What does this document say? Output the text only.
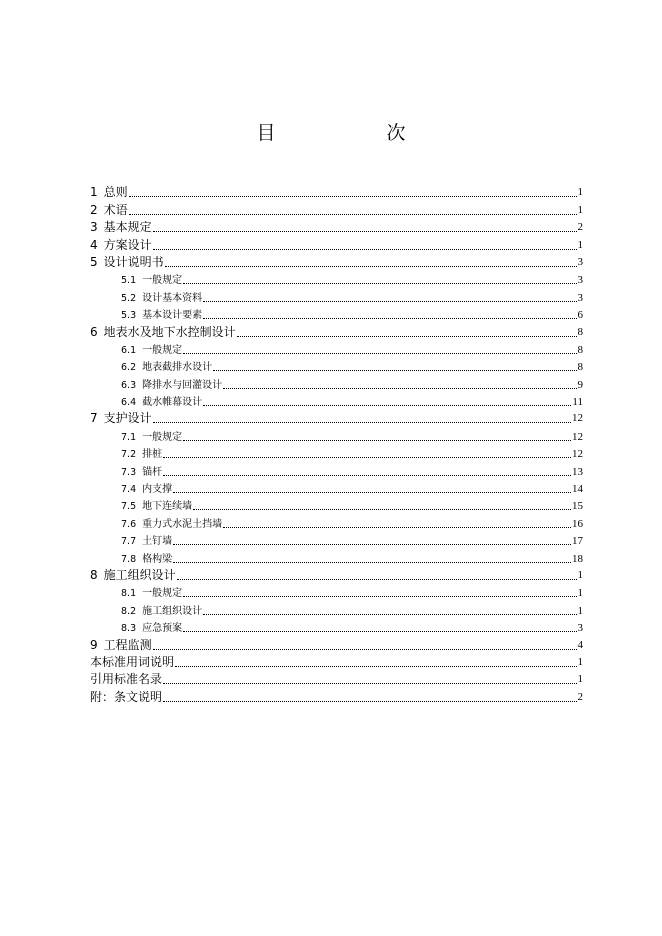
目　次
1 总则	1
2 术语	1
3 基本规定	2
4 方案设计	1
5 设计说明书	3
5.1 一般规定	3
5.2 设计基本资料	3
5.3 基本设计要素	6
6 地表水及地下水控制设计	8
6.1 一般规定	8
6.2 地表截排水设计	8
6.3 降排水与回灌设计	9
6.4 截水帷幕设计	11
7 支护设计	12
7.1 一般规定	12
7.2 排桩	12
7.3 锚杆	13
7.4 内支撑	14
7.5 地下连续墙	15
7.6 重力式水泥土挡墙	16
7.7 土钉墙	17
7.8 格构梁	18
8 施工组织设计	1
8.1 一般规定	1
8.2 施工组织设计	1
8.3 应急预案	3
9 工程监测	4
本标准用词说明	1
引用标准名录	1
附：条文说明	2
